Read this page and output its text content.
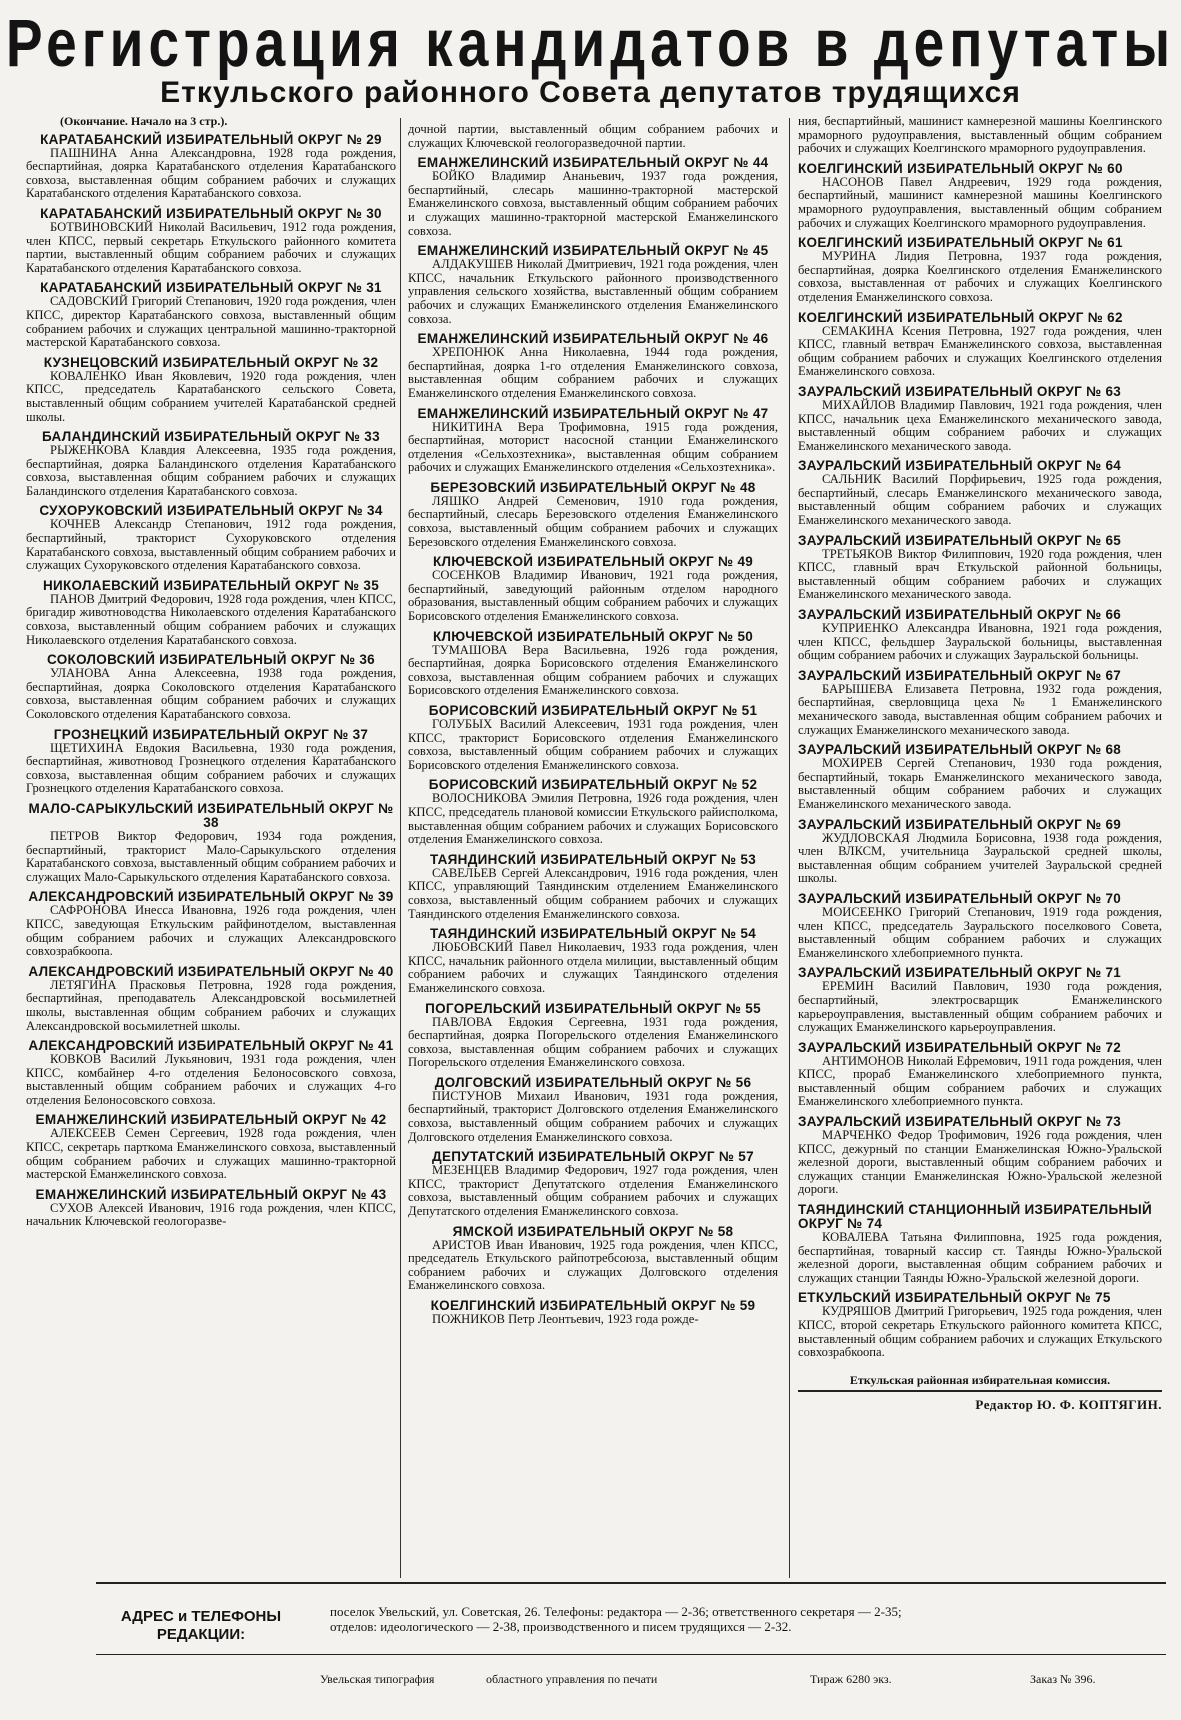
Регистрация кандидатов в депутаты
Еткульского районного Совета депутатов трудящихся
(Окончание. Начало на 3 стр.).
КАРАТАБАНСКИЙ ИЗБИРАТЕЛЬНЫЙ ОКРУГ № 29
ПАШНИНА Анна Александровна, 1928 года рождения, беспартийная, доярка Каратабанского отделения Каратабанского совхоза, выставленная общим собранием рабочих и служащих Каратабанского отделения Каратабанского совхоза.
КАРАТАБАНСКИЙ ИЗБИРАТЕЛЬНЫЙ ОКРУГ № 30
БОТВИНОВСКИЙ Николай Васильевич, 1912 года рождения, член КПСС, первый секретарь Еткульского районного комитета партии, выставленный общим собранием рабочих и служащих Каратабанского отделения Каратабанского совхоза.
КАРАТАБАНСКИЙ ИЗБИРАТЕЛЬНЫЙ ОКРУГ № 31
САДОВСКИЙ Григорий Степанович, 1920 года рождения, член КПСС, директор Каратабанского совхоза, выставленный общим собранием рабочих и служащих центральной машинно-тракторной мастерской Каратабанского совхоза.
КУЗНЕЦОВСКИЙ ИЗБИРАТЕЛЬНЫЙ ОКРУГ № 32
КОВАЛЕНКО Иван Яковлевич, 1920 года рождения, член КПСС, председатель Каратабанского сельского Совета, выставленный общим собранием учителей Каратабанской средней школы.
БАЛАНДИНСКИЙ ИЗБИРАТЕЛЬНЫЙ ОКРУГ № 33
РЫЖЕНКОВА Клавдия Алексеевна, 1935 года рождения, беспартийная, доярка Баландинского отделения Каратабанского совхоза, выставленная общим собранием рабочих и служащих Баландинского отделения Каратабанского совхоза.
СУХОРУКОВСКИЙ ИЗБИРАТЕЛЬНЫЙ ОКРУГ № 34
КОЧНЕВ Александр Степанович, 1912 года рождения, беспартийный, тракторист Сухоруковского отделения Каратабанского совхоза, выставленный общим собранием рабочих и служащих Сухоруковского отделения Каратабанского совхоза.
НИКОЛАЕВСКИЙ ИЗБИРАТЕЛЬНЫЙ ОКРУГ № 35
ПАНОВ Дмитрий Федорович, 1928 года рождения, член КПСС, бригадир животноводства Николаевского отделения Каратабанского совхоза, выставленный общим собранием рабочих и служащих Николаевского отделения Каратабанского совхоза.
СОКОЛОВСКИЙ ИЗБИРАТЕЛЬНЫЙ ОКРУГ № 36
УЛАНОВА Анна Алексеевна, 1938 года рождения, беспартийная, доярка Соколовского отделения Каратабанского совхоза, выставленная общим собранием рабочих и служащих Соколовского отделения Каратабанского совхоза.
ГРОЗНЕЦКИЙ ИЗБИРАТЕЛЬНЫЙ ОКРУГ № 37
ЩЕТИХИНА Евдокия Васильевна, 1930 года рождения, беспартийная, животновод Грознецкого отделения Каратабанского совхоза, выставленная общим собранием рабочих и служащих Грознецкого отделения Каратабанского совхоза.
МАЛО-САРЫКУЛЬСКИЙ ИЗБИРАТЕЛЬНЫЙ ОКРУГ № 38
ПЕТРОВ Виктор Федорович, 1934 года рождения, беспартийный, тракторист Мало-Сарыкульского отделения Каратабанского совхоза, выставленный общим собранием рабочих и служащих Мало-Сарыкульского отделения Каратабанского совхоза.
АЛЕКСАНДРОВСКИЙ ИЗБИРАТЕЛЬНЫЙ ОКРУГ № 39
САФРОНОВА Инесса Ивановна, 1926 года рождения, член КПСС, заведующая Еткульским райфинотделом, выставленная общим собранием рабочих и служащих Александровского совхозрабкоопа.
АЛЕКСАНДРОВСКИЙ ИЗБИРАТЕЛЬНЫЙ ОКРУГ № 40
ЛЕТЯГИНА Прасковья Петровна, 1928 года рождения, беспартийная, преподаватель Александровской восьмилетней школы, выставленная общим собранием рабочих и служащих Александровской восьмилетней школы.
АЛЕКСАНДРОВСКИЙ ИЗБИРАТЕЛЬНЫЙ ОКРУГ № 41
КОВКОВ Василий Лукьянович, 1931 года рождения, член КПСС, комбайнер 4-го отделения Белоносовского совхоза, выставленный общим собранием рабочих и служащих 4-го отделения Белоносовского совхоза.
ЕМАНЖЕЛИНСКИЙ ИЗБИРАТЕЛЬНЫЙ ОКРУГ № 42
АЛЕКСЕЕВ Семен Сергеевич, 1928 года рождения, член КПСС, секретарь парткома Еманжелинского совхоза, выставленный общим собранием рабочих и служащих машинно-тракторной мастерской Еманжелинского совхоза.
ЕМАНЖЕЛИНСКИЙ ИЗБИРАТЕЛЬНЫЙ ОКРУГ № 43
СУХОВ Алексей Иванович, 1916 года рождения, член КПСС, начальник Ключевской геологоразве-
дочной партии, выставленный общим собранием рабочих и служащих Ключевской геологоразведочной партии.
ЕМАНЖЕЛИНСКИЙ ИЗБИРАТЕЛЬНЫЙ ОКРУГ № 44
БОЙКО Владимир Ананьевич, 1937 года рождения, беспартийный, слесарь машинно-тракторной мастерской Еманжелинского совхоза, выставленный общим собранием рабочих и служащих машинно-тракторной мастерской Еманжелинского совхоза.
ЕМАНЖЕЛИНСКИЙ ИЗБИРАТЕЛЬНЫЙ ОКРУГ № 45
АЛДАКУШЕВ Николай Дмитриевич, 1921 года рождения, член КПСС, начальник Еткульского районного производственного управления сельского хозяйства, выставленный общим собранием рабочих и служащих Еманжелинского отделения Еманжелинского совхоза.
ЕМАНЖЕЛИНСКИЙ ИЗБИРАТЕЛЬНЫЙ ОКРУГ № 46
ХРЕПОНЮК Анна Николаевна, 1944 года рождения, беспартийная, доярка 1-го отделения Еманжелинского совхоза, выставленная общим собранием рабочих и служащих Еманжелинского отделения Еманжелинского совхоза.
ЕМАНЖЕЛИНСКИЙ ИЗБИРАТЕЛЬНЫЙ ОКРУГ № 47
НИКИТИНА Вера Трофимовна, 1915 года рождения, беспартийная, моторист насосной станции Еманжелинского отделения «Сельхозтехника», выставленная общим собранием рабочих и служащих Еманжелинского отделения «Сельхозтехника».
БЕРЕЗОВСКИЙ ИЗБИРАТЕЛЬНЫЙ ОКРУГ № 48
ЛЯШКО Андрей Семенович, 1910 года рождения, беспартийный, слесарь Березовского отделения Еманжелинского совхоза, выставленный общим собранием рабочих и служащих Березовского отделения Еманжелинского совхоза.
КЛЮЧЕВСКОЙ ИЗБИРАТЕЛЬНЫЙ ОКРУГ № 49
СОСЕНКОВ Владимир Иванович, 1921 года рождения, беспартийный, заведующий районным отделом народного образования, выставленный общим собранием рабочих и служащих Борисовского отделения Еманжелинского совхоза.
КЛЮЧЕВСКОЙ ИЗБИРАТЕЛЬНЫЙ ОКРУГ № 50
ТУМАШОВА Вера Васильевна, 1926 года рождения, беспартийная, доярка Борисовского отделения Еманжелинского совхоза, выставленная общим собранием рабочих и служащих Борисовского отделения Еманжелинского совхоза.
БОРИСОВСКИЙ ИЗБИРАТЕЛЬНЫЙ ОКРУГ № 51
ГОЛУБЫХ Василий Алексеевич, 1931 года рождения, член КПСС, тракторист Борисовского отделения Еманжелинского совхоза, выставленный общим собранием рабочих и служащих Борисовского отделения Еманжелинского совхоза.
БОРИСОВСКИЙ ИЗБИРАТЕЛЬНЫЙ ОКРУГ № 52
ВОЛОСНИКОВА Эмилия Петровна, 1926 года рождения, член КПСС, председатель плановой комиссии Еткульского райисполкома, выставленная общим собранием рабочих и служащих Борисовского отделения Еманжелинского совхоза.
ТАЯНДИНСКИЙ ИЗБИРАТЕЛЬНЫЙ ОКРУГ № 53
САВЕЛЬЕВ Сергей Александрович, 1916 года рождения, член КПСС, управляющий Таяндинским отделением Еманжелинского совхоза, выставленный общим собранием рабочих и служащих Таяндинского отделения Еманжелинского совхоза.
ТАЯНДИНСКИЙ ИЗБИРАТЕЛЬНЫЙ ОКРУГ № 54
ЛЮБОВСКИЙ Павел Николаевич, 1933 года рождения, член КПСС, начальник районного отдела милиции, выставленный общим собранием рабочих и служащих Таяндинского отделения Еманжелинского совхоза.
ПОГОРЕЛЬСКИЙ ИЗБИРАТЕЛЬНЫЙ ОКРУГ № 55
ПАВЛОВА Евдокия Сергеевна, 1931 года рождения, беспартийная, доярка Погорельского отделения Еманжелинского совхоза, выставленная общим собранием рабочих и служащих Погорельского отделения Еманжелинского совхоза.
ДОЛГОВСКИЙ ИЗБИРАТЕЛЬНЫЙ ОКРУГ № 56
ПИСТУНОВ Михаил Иванович, 1931 года рождения, беспартийный, тракторист Долговского отделения Еманжелинского совхоза, выставленный общим собранием рабочих и служащих Долговского отделения Еманжелинского совхоза.
ДЕПУТАТСКИЙ ИЗБИРАТЕЛЬНЫЙ ОКРУГ № 57
МЕЗЕНЦЕВ Владимир Федорович, 1927 года рождения, член КПСС, тракторист Депутатского отделения Еманжелинского совхоза, выставленный общим собранием рабочих и служащих Депутатского отделения Еманжелинского совхоза.
ЯМСКОЙ ИЗБИРАТЕЛЬНЫЙ ОКРУГ № 58
АРИСТОВ Иван Иванович, 1925 года рождения, член КПСС, председатель Еткульского райпотребсоюза, выставленный общим собранием рабочих и служащих Долговского отделения Еманжелинского совхоза.
КОЕЛГИНСКИЙ ИЗБИРАТЕЛЬНЫЙ ОКРУГ № 59
ПОЖНИКОВ Петр Леонтьевич, 1923 года рожде-
ния, беспартийный, машинист камнерезной машины Коелгинского мраморного рудоуправления, выставленный общим собранием рабочих и служащих Коелгинского мраморного рудоуправления.
КОЕЛГИНСКИЙ ИЗБИРАТЕЛЬНЫЙ ОКРУГ № 60
НАСОНОВ Павел Андреевич, 1929 года рождения, беспартийный, машинист камнерезной машины Коелгинского мраморного рудоуправления, выставленный общим собранием рабочих и служащих Коелгинского мраморного рудоуправления.
КОЕЛГИНСКИЙ ИЗБИРАТЕЛЬНЫЙ ОКРУГ № 61
МУРИНА Лидия Петровна, 1937 года рождения, беспартийная, доярка Коелгинского отделения Еманжелинского совхоза, выставленная от рабочих и служащих Коелгинского отделения Еманжелинского совхоза.
КОЕЛГИНСКИЙ ИЗБИРАТЕЛЬНЫЙ ОКРУГ № 62
СЕМАКИНА Ксения Петровна, 1927 года рождения, член КПСС, главный ветврач Еманжелинского совхоза, выставленная общим собранием рабочих и служащих Коелгинского отделения Еманжелинского совхоза.
ЗАУРАЛЬСКИЙ ИЗБИРАТЕЛЬНЫЙ ОКРУГ № 63
МИХАЙЛОВ Владимир Павлович, 1921 года рождения, член КПСС, начальник цеха Еманжелинского механического завода, выставленный общим собранием рабочих и служащих Еманжелинского механического завода.
ЗАУРАЛЬСКИЙ ИЗБИРАТЕЛЬНЫЙ ОКРУГ № 64
САЛЬНИК Василий Порфирьевич, 1925 года рождения, беспартийный, слесарь Еманжелинского механического завода, выставленный общим собранием рабочих и служащих Еманжелинского механического завода.
ЗАУРАЛЬСКИЙ ИЗБИРАТЕЛЬНЫЙ ОКРУГ № 65
ТРЕТЬЯКОВ Виктор Филиппович, 1920 года рождения, член КПСС, главный врач Еткульской районной больницы, выставленный общим собранием рабочих и служащих Еманжелинского механического завода.
ЗАУРАЛЬСКИЙ ИЗБИРАТЕЛЬНЫЙ ОКРУГ № 66
КУПРИЕНКО Александра Ивановна, 1921 года рождения, член КПСС, фельдшер Зауральской больницы, выставленная общим собранием рабочих и служащих Зауральской больницы.
ЗАУРАЛЬСКИЙ ИЗБИРАТЕЛЬНЫЙ ОКРУГ № 67
БАРЫШЕВА Елизавета Петровна, 1932 года рождения, беспартийная, сверловщица цеха № 1 Еманжелинского механического завода, выставленная общим собранием рабочих и служащих Еманжелинского механического завода.
ЗАУРАЛЬСКИЙ ИЗБИРАТЕЛЬНЫЙ ОКРУГ № 68
МОХИРЕВ Сергей Степанович, 1930 года рождения, беспартийный, токарь Еманжелинского механического завода, выставленный общим собранием рабочих и служащих Еманжелинского механического завода.
ЗАУРАЛЬСКИЙ ИЗБИРАТЕЛЬНЫЙ ОКРУГ № 69
ЖУДЛОВСКАЯ Людмила Борисовна, 1938 года рождения, член ВЛКСМ, учительница Зауральской средней школы, выставленная общим собранием учителей Зауральской средней школы.
ЗАУРАЛЬСКИЙ ИЗБИРАТЕЛЬНЫЙ ОКРУГ № 70
МОИСЕЕНКО Григорий Степанович, 1919 года рождения, член КПСС, председатель Зауральского поселкового Совета, выставленный общим собранием рабочих и служащих Еманжелинского хлебоприемного пункта.
ЗАУРАЛЬСКИЙ ИЗБИРАТЕЛЬНЫЙ ОКРУГ № 71
ЕРЕМИН Василий Павлович, 1930 года рождения, беспартийный, электросварщик Еманжелинского карьероуправления, выставленный общим собранием рабочих и служащих Еманжелинского карьероуправления.
ЗАУРАЛЬСКИЙ ИЗБИРАТЕЛЬНЫЙ ОКРУГ № 72
АНТИМОНОВ Николай Ефремович, 1911 года рождения, член КПСС, прораб Еманжелинского хлебоприемного пункта, выставленный общим собранием рабочих и служащих Еманжелинского хлебоприемного пункта.
ЗАУРАЛЬСКИЙ ИЗБИРАТЕЛЬНЫЙ ОКРУГ № 73
МАРЧЕНКО Федор Трофимович, 1926 года рождения, член КПСС, дежурный по станции Еманжелинская Южно-Уральской железной дороги, выставленный общим собранием рабочих и служащих станции Еманжелинская Южно-Уральской железной дороги.
ТАЯНДИНСКИЙ СТАНЦИОННЫЙ ИЗБИРАТЕЛЬНЫЙ ОКРУГ № 74
КОВАЛЕВА Татьяна Филипповна, 1925 года рождения, беспартийная, товарный кассир ст. Таянды Южно-Уральской железной дороги, выставленная общим собранием рабочих и служащих станции Таянды Южно-Уральской железной дороги.
ЕТКУЛЬСКИЙ ИЗБИРАТЕЛЬНЫЙ ОКРУГ № 75
КУДРЯШОВ Дмитрий Григорьевич, 1925 года рождения, член КПСС, второй секретарь Еткульского районного комитета КПСС, выставленный общим собранием рабочих и служащих Еткульского совхозрабкоопа.
Еткульская районная избирательная комиссия.
Редактор Ю. Ф. КОПТЯГИН.
АДРЕС и ТЕЛЕФОНЫ РЕДАКЦИИ:
поселок Увельский, ул. Советская, 26. Телефоны: редактора — 2-36; ответственного секретаря — 2-35;
отделов: идеологического — 2-38, производственного и писем трудящихся — 2-32.
Увельская типография	областного управления по печати	Тираж 6280 экз.	Заказ № 396.
